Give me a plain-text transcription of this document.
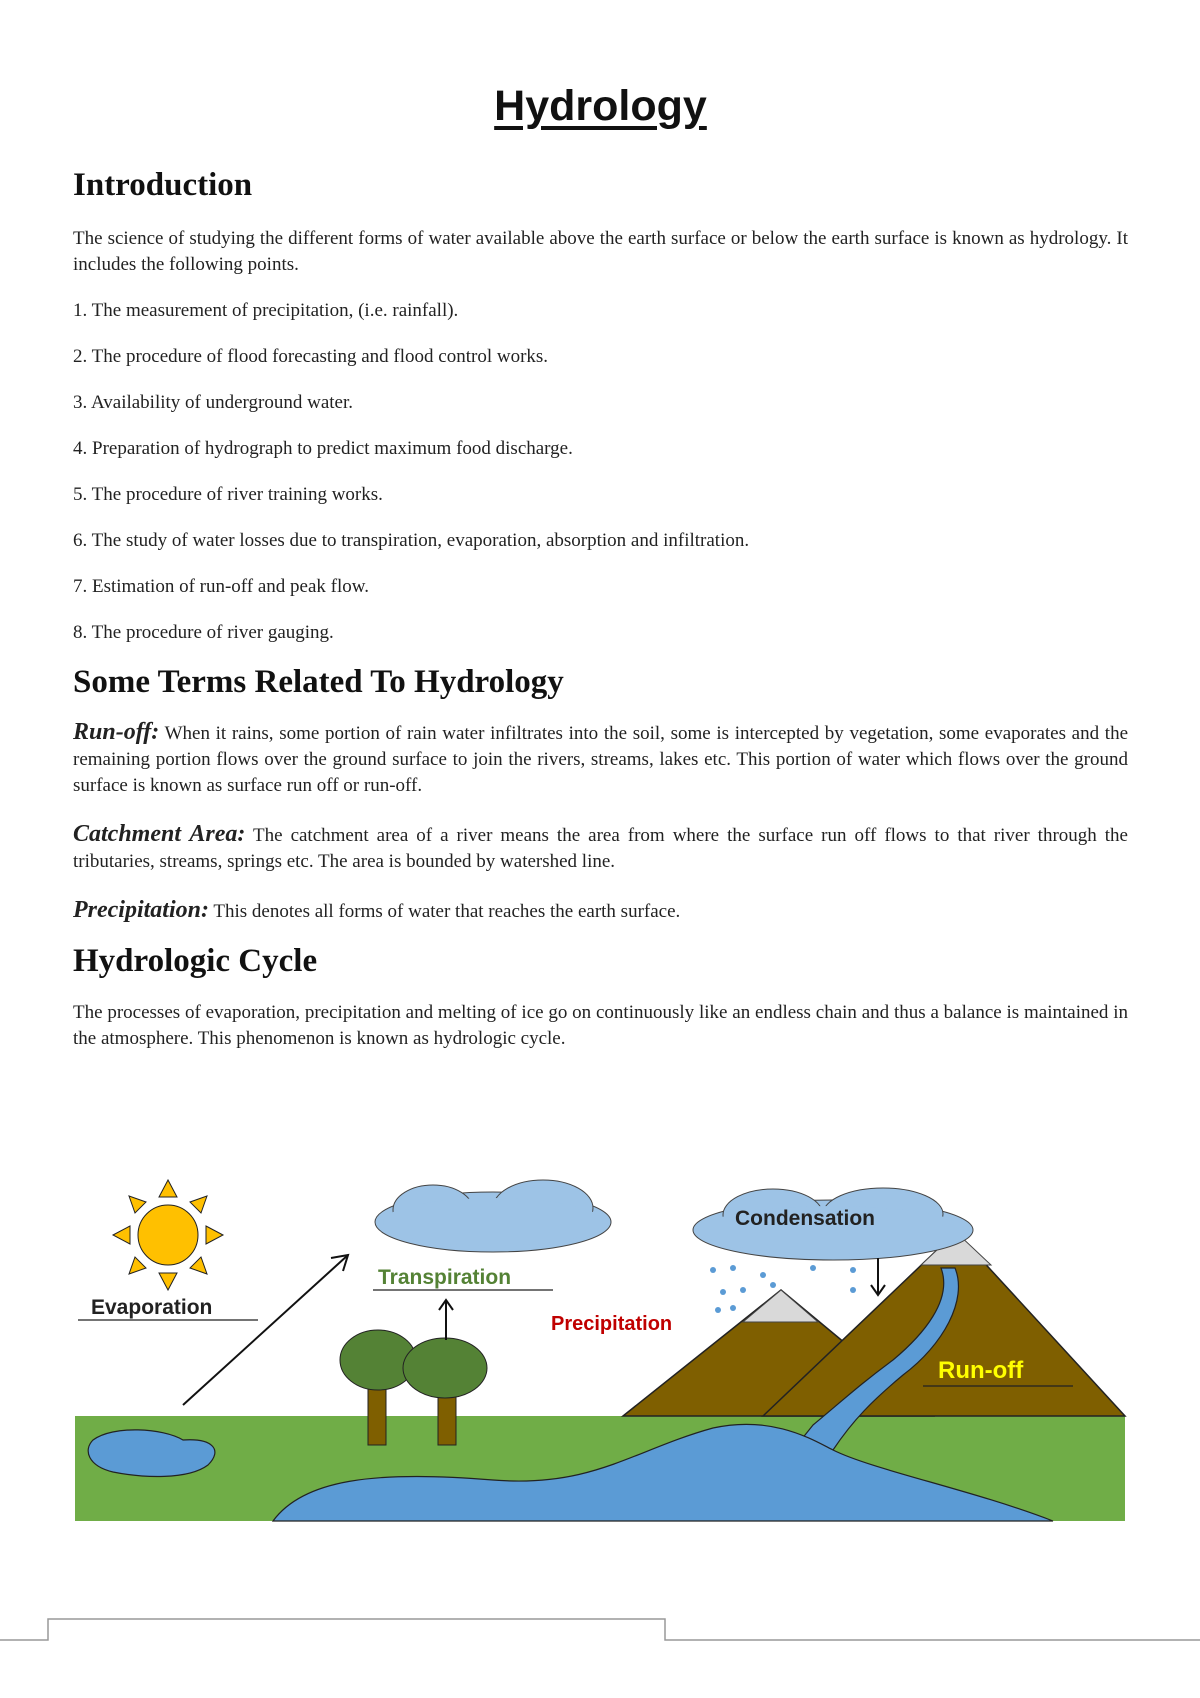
Hydrology
Introduction

The science of studying the different forms of water available above the earth surface or below the earth surface is known as hydrology. It includes the following points.

1. The measurement of precipitation, (i.e. rainfall).

2. The procedure of flood forecasting and flood control works.

3. Availability of underground water.

4. Preparation of hydrograph to predict maximum food discharge.

5. The procedure of river training works.

6. The study of water losses due to transpiration, evaporation, absorption and infiltration.

7. Estimation of run-off and peak flow.

8. The procedure of river gauging.

Some Terms Related To Hydrology

Run-off: When it rains, some portion of rain water infiltrates into the soil, some is intercepted by vegetation, some evaporates and the remaining portion flows over the ground surface to join the rivers, streams, lakes etc. This portion of water which flows over the ground surface is known as surface run off or run-off.

Catchment Area: The catchment area of a river means the area from where the surface run off flows to that river through the tributaries, streams, springs etc. The area is bounded by watershed line.

Precipitation: This denotes all forms of water that reaches the earth surface.

Hydrologic Cycle

The processes of evaporation, precipitation and melting of ice go on continuously like an endless chain and thus a balance is maintained in the atmosphere. This phenomenon is known as hydrologic cycle.

Evaporation
Transpiration
Condensation
Precipitation
Run-off
